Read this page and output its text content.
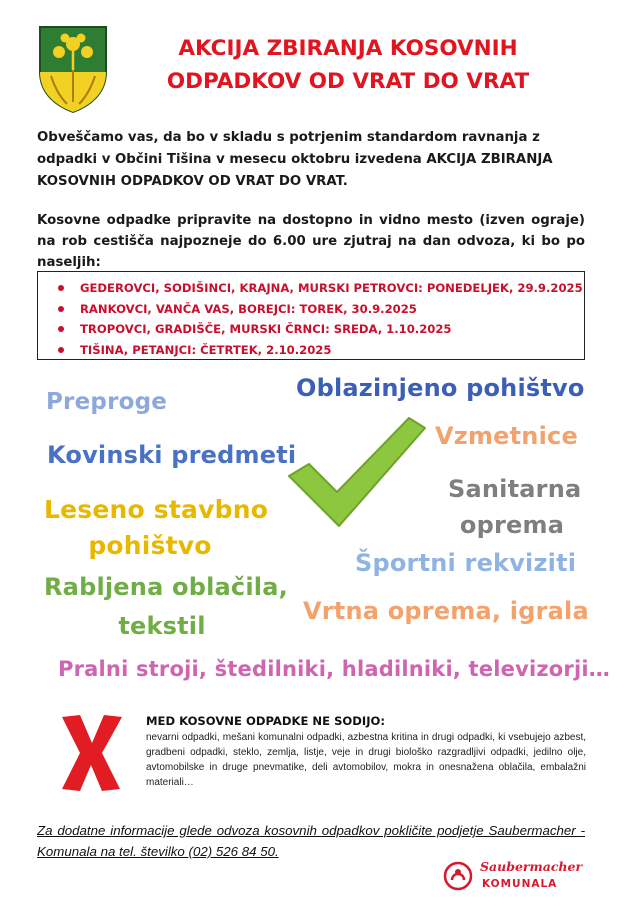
AKCIJA ZBIRANJA KOSOVNIH
ODPADKOV OD VRAT DO VRAT
Obveščamo vas, da bo v skladu s potrjenim standardom ravnanja z odpadki v Občini Tišina v mesecu oktobru izvedena AKCIJA ZBIRANJA KOSOVNIH ODPADKOV OD VRAT DO VRAT.
Kosovne odpadke pripravite na dostopno in vidno mesto (izven ograje) na rob cestišča najpozneje do 6.00 ure zjutraj na dan odvoza, ki bo po naseljih:
GEDEROVCI, SODIŠINCI, KRAJNA, MURSKI PETROVCI: PONEDELJEK, 29.9.2025
RANKOVCI, VANČA VAS, BOREJCI: TOREK, 30.9.2025
TROPOVCI, GRADIŠČE, MURSKI ČRNCI: SREDA, 1.10.2025
TIŠINA, PETANJCI: ČETRTEK, 2.10.2025
Preproge	Oblazinjeno pohištvo
Vzmetnice
Kovinski predmeti
Sanitarna
oprema
Leseno stavbno
pohištvo
Športni rekviziti
Rabljena oblačila,
tekstil
Vrtna oprema, igrala
Pralni stroji, štedilniki, hladilniki, televizorji…
MED KOSOVNE ODPADKE NE SODIJO:
nevarni odpadki, mešani komunalni odpadki, azbestna kritina in drugi odpadki, ki vsebujejo azbest, gradbeni odpadki, steklo, zemlja, listje, veje in drugi biološko razgradljivi odpadki, jedilno olje, avtomobilske in druge pnevmatike, deli avtomobilov, mokra in onesnažena oblačila, embalažni materiali…
Za dodatne informacije glede odvoza kosovnih odpadkov pokličite podjetje Saubermacher - Komunala na tel. številko (02) 526 84 50.
Saubermacher
KOMUNALA
